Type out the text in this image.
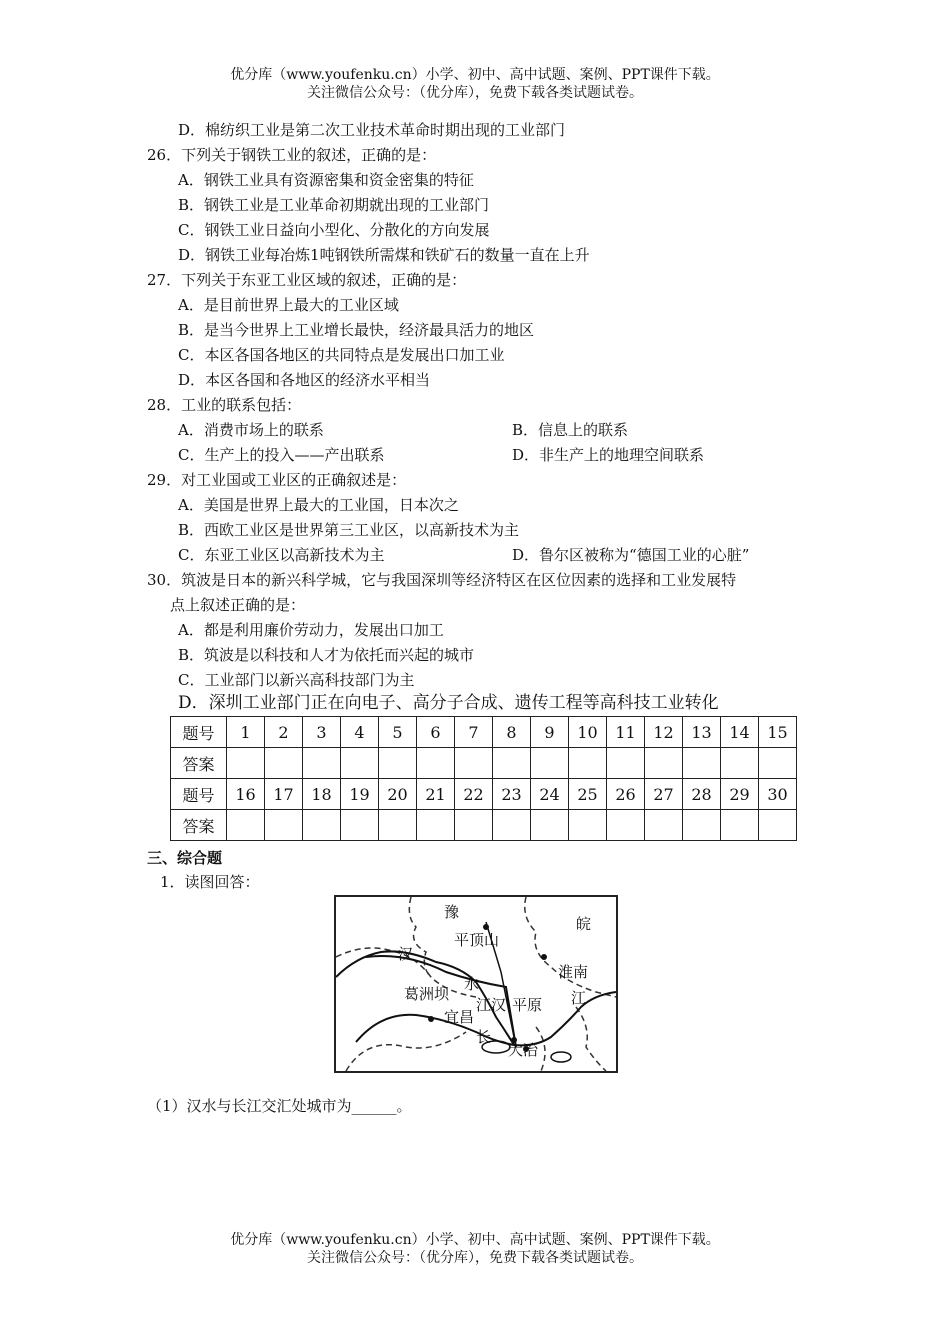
优分库（www.youfenku.cn）小学、初中、高中试题、案例、PPT课件下载。
关注微信公众号：（优分库），免费下载各类试题试卷。
D．棉纺织工业是第二次工业技术革命时期出现的工业部门
26．下列关于钢铁工业的叙述，正确的是：
A．钢铁工业具有资源密集和资金密集的特征
B．钢铁工业是工业革命初期就出现的工业部门
C．钢铁工业日益向小型化、分散化的方向发展
D．钢铁工业每冶炼1吨钢铁所需煤和铁矿石的数量一直在上升
27．下列关于东亚工业区域的叙述，正确的是：
A．是目前世界上最大的工业区域
B．是当今世界上工业增长最快，经济最具活力的地区
C．本区各国各地区的共同特点是发展出口加工业
D．本区各国和各地区的经济水平相当
28．工业的联系包括：
A．消费市场上的联系	B．信息上的联系
C．生产上的投入——产出联系	D．非生产上的地理空间联系
29．对工业国或工业区的正确叙述是：
A．美国是世界上最大的工业国，日本次之
B．西欧工业区是世界第三工业区，以高新技术为主
C．东亚工业区以高新技术为主	D．鲁尔区被称为“德国工业的心脏”
30．筑波是日本的新兴科学城，它与我国深圳等经济特区在区位因素的选择和工业发展特
点上叙述正确的是：
A．都是利用廉价劳动力，发展出口加工
B．筑波是以科技和人才为依托而兴起的城市
C．工业部门以新兴高科技部门为主
D．深圳工业部门正在向电子、高分子合成、遗传工程等高科技工业转化
题号	1	2	3	4	5	6	7	8	9	10	11	12	13	14	15
答案															
题号	16	17	18	19	20	21	22	23	24	25	26	27	28	29	30
答案															
三、综合题
1．读图回答：
豫
皖
平顶山
淮南
汉
水
葛洲坝
宜昌
江汉 平原
长
江
大冶
（1）汉水与长江交汇处城市为______。
优分库（www.youfenku.cn）小学、初中、高中试题、案例、PPT课件下载。
关注微信公众号：（优分库），免费下载各类试题试卷。
